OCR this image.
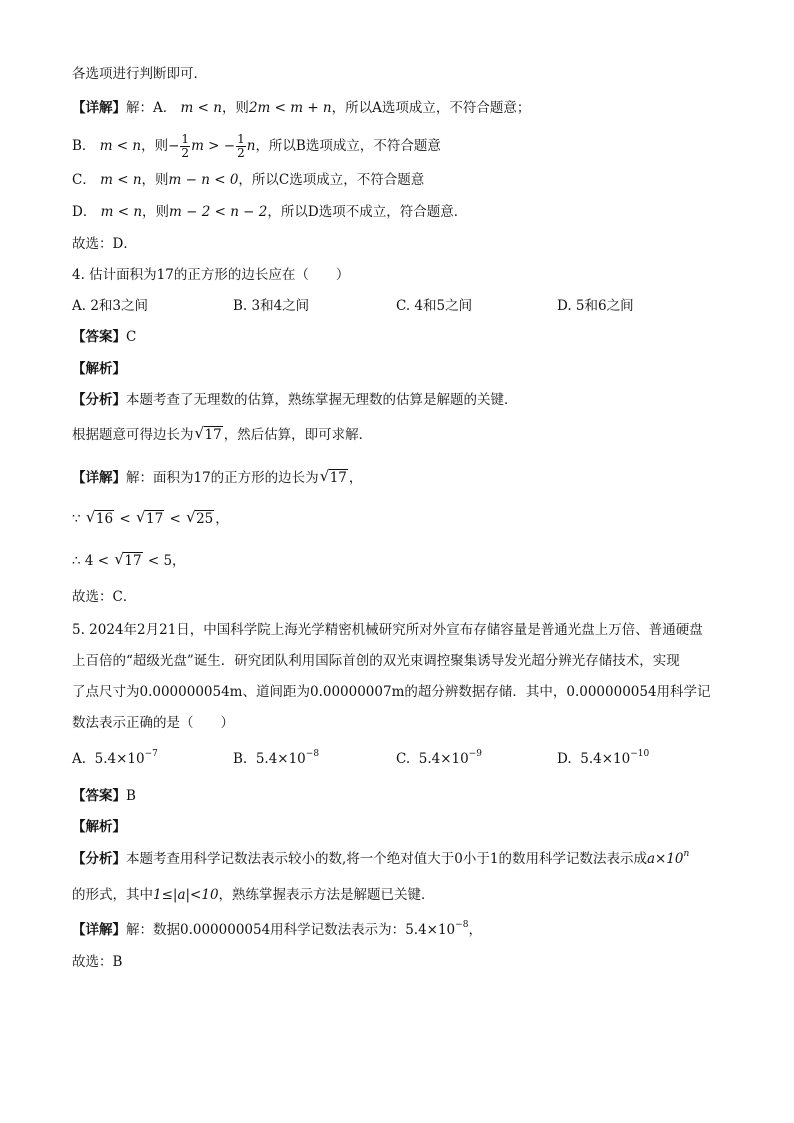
各选项进行判断即可．
【详解】解：A． m < n，则2m < m + n，所以A选项成立，不符合题意；
B． m < n，则− $\frac{1}{2}$ m > − $\frac{1}{2}$ n，所以B选项成立，不符合题意
C． m < n，则m − n < 0，所以C选项成立，不符合题意
D． m < n，则m − 2 < n − 2，所以D选项不成立，符合题意．
故选：D．
4. 估计面积为17的正方形的边长应在（　　）
A. 2和3之间	B. 3和4之间	C. 4和5之间	D. 5和6之间
【答案】C
【解析】
【分析】本题考查了无理数的估算，熟练掌握无理数的估算是解题的关键．
根据题意可得边长为 √ 17 ，然后估算，即可求解．
【详解】解：面积为17的正方形的边长为 √ 17 ，
∵ √ 16 < √ 17 < √ 25 ，
∴ 4 < √ 17 < 5，
故选：C．
5. 2024年2月21日，中国科学院上海光学精密机械研究所对外宣布存储容量是普通光盘上万倍、普通硬盘
上百倍的“超级光盘”诞生．研究团队利用国际首创的双光束调控聚集诱导发光超分辨光存储技术，实现
了点尺寸为0.000000054m、道间距为0.00000007m的超分辨数据存储．其中，0.000000054用科学记
数法表示正确的是（　　）
A. $5.4\times 10^{-7}$	B. $5.4\times 10^{-8}$	C. $5.4\times 10^{-9}$	D. $5.4\times 10^{-10}$
【答案】B
【解析】
【分析】本题考查用科学记数法表示较小的数,将一个绝对值大于0小于1的数用科学记数法表示成$a\times 10^n$
的形式，其中1≤|a|<10，熟练掌握表示方法是解题已关键．
【详解】解：数据0.000000054用科学记数法表示为：$5.4\times 10^{-8}$，
故选：B
